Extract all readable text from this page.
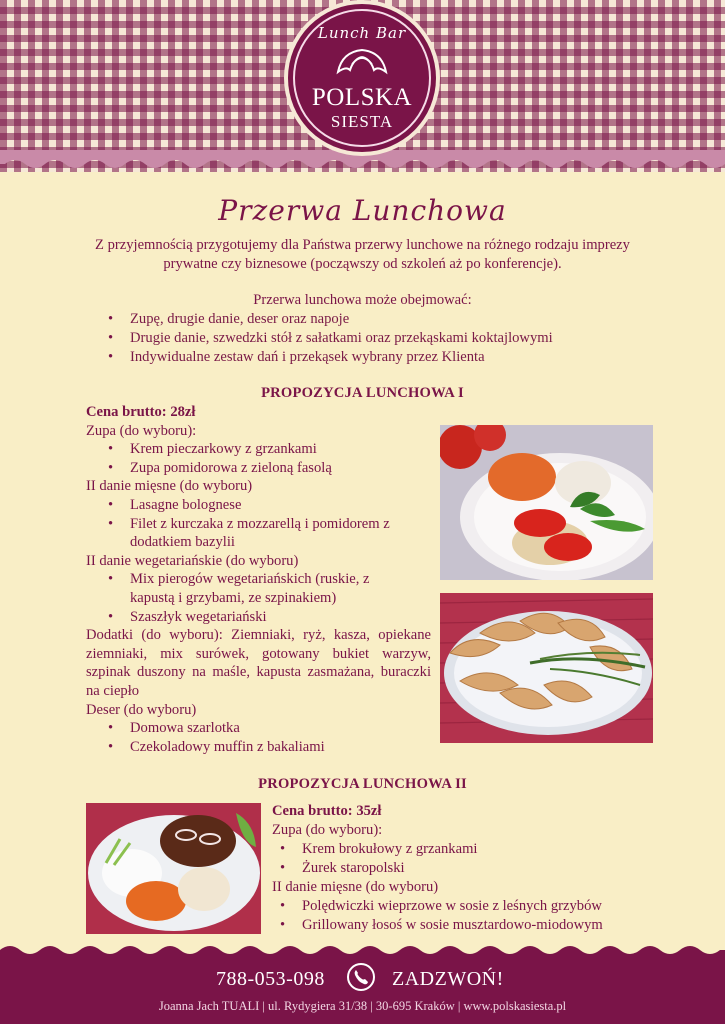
Lunch Bar
POLSKA
SIESTA
Przerwa Lunchowa
Z przyjemnością przygotujemy dla Państwa przerwy lunchowe na różnego rodzaju imprezy prywatne czy biznesowe (począwszy od szkoleń aż po konferencje).
Przerwa lunchowa może obejmować:
• Zupę, drugie danie, deser oraz napoje
• Drugie danie, szwedzki stół z sałatkami oraz przekąskami koktajlowymi
• Indywidualne zestaw dań i przekąsek wybrany przez Klienta
PROPOZYCJA LUNCHOWA I
Cena brutto: 28zł
Zupa (do wyboru):
• Krem pieczarkowy z grzankami
• Zupa pomidorowa z zieloną fasolą
II danie mięsne (do wyboru)
• Lasagne bolognese
• Filet z kurczaka z mozzarellą i pomidorem z
dodatkiem bazylii
II danie wegetariańskie (do wyboru)
• Mix pierogów wegetariańskich (ruskie, z
kapustą i grzybami, ze szpinakiem)
• Szaszłyk wegetariański
Dodatki (do wyboru): Ziemniaki, ryż, kasza, opiekane ziemniaki, mix surówek, gotowany bukiet warzyw, szpinak duszony na maśle, kapusta zasmażana, buraczki na ciepło
Deser (do wyboru)
• Domowa szarlotka
• Czekoladowy muffin z bakaliami
PROPOZYCJA LUNCHOWA II
Cena brutto: 35zł
Zupa (do wyboru):
• Krem brokułowy z grzankami
• Żurek staropolski
II danie mięsne (do wyboru)
• Polędwiczki wieprzowe w sosie z leśnych grzybów
• Grillowany łosoś w sosie musztardowo-miodowym
788-053-098	ZADZWOŃ!
Joanna Jach TUALI | ul. Rydygiera 31/38 | 30-695 Kraków | www.polskasiesta.pl
